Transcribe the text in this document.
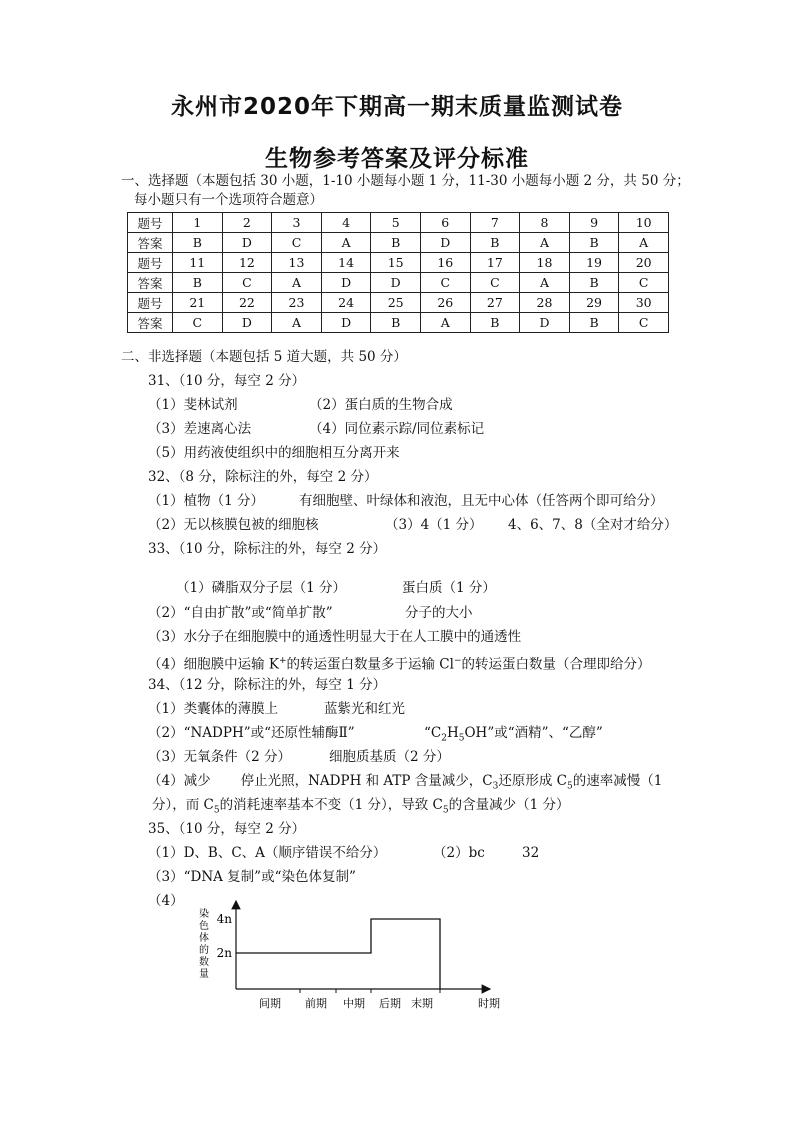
永州市2020年下期高一期末质量监测试卷
生物参考答案及评分标准
一、选择题（本题包括 30 小题，1-10 小题每小题 1 分，11-30 小题每小题 2 分，共 50 分；
每小题只有一个选项符合题意）
题号	1	2	3	4	5	6	7	8	9	10
答案	B	D	C	A	B	D	B	A	B	A
题号	11	12	13	14	15	16	17	18	19	20
答案	B	C	A	D	D	C	C	A	B	C
题号	21	22	23	24	25	26	27	28	29	30
答案	C	D	A	D	B	A	B	D	B	C
二、非选择题（本题包括 5 道大题，共 50 分）
31、（10 分，每空 2 分）
（1）斐林试剂	（2）蛋白质的生物合成
（3）差速离心法	（4）同位素示踪/同位素标记
（5）用药液使组织中的细胞相互分离开来
32、（8 分，除标注的外，每空 2 分）
（1）植物（1 分）	有细胞壁、叶绿体和液泡，且无中心体（任答两个即可给分）
（2）无以核膜包被的细胞核	（3）4（1 分） 4、6、7、8（全对才给分）
33、（10 分，除标注的外，每空 2 分）
（1）磷脂双分子层（1 分）	蛋白质（1 分）
（2）“自由扩散”或“简单扩散”	分子的大小
（3）水分子在细胞膜中的通透性明显大于在人工膜中的通透性
（4）细胞膜中运输 K+的转运蛋白数量多于运输 Cl−的转运蛋白数量（合理即给分）
34、（12 分，除标注的外，每空 1 分）
（1）类囊体的薄膜上	蓝紫光和红光
（2）“NADPH”或“还原性辅酶Ⅱ”	“$C_2H_5OH$”或“酒精”、“乙醇”
（3）无氧条件（2 分）	细胞质基质（2 分）
（4）减少 停止光照，NADPH 和 ATP 含量减少，$C_3$还原形成 $C_5$的速率减慢（1
分），而 $C_5$的消耗速率基本不变（1 分），导致 $C_5$的含量减少（1 分）
35、（10 分，每空 2 分）
（1）D、B、C、A（顺序错误不给分）	（2）bc	32
（3）“DNA 复制”或“染色体复制”
（4）
4n
2n
染
色
体
的
数
量
间期 前期 中期 后期 末期	时期
